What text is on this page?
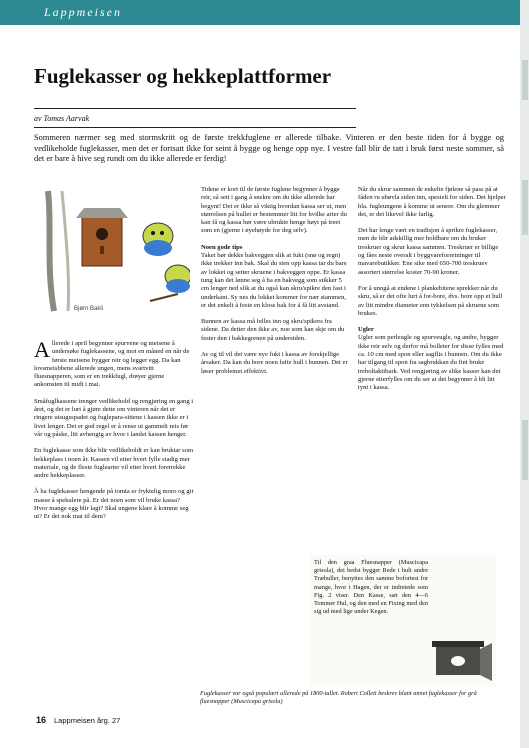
Lappmeisen
Fuglekasser og hekkeplattformer
av Tomas Aarvak
Sommeren nærmer seg med stormskritt og de første trekkfuglene er allerede tilbake. Vinteren er den beste tiden for å bygge og vedlikeholde fuglekasser, men det er fortsatt ikke for seint å bygge og henge opp nye. I vestre fall blir de tatt i bruk først neste sommer, så det er bare å hive seg rundt om du ikke allerede er ferdig!
Bjørn Bakli

Allerede i april begynner spurvene og meisene å undersøke fuglekassene, og mot en måned en når de første meisene bygger reir og legger egg. Da kan lovsmeisbbene allerede ungen, mens svartvitt fluesnapperen, som er en trekkfugl, drøyer gjerne ankomsten til midt i mai.

Småfuglkassene trenger vedlikehold og rengjøring en gang i året, og det er lurt å gjøre dette om vinteren når det er ringere utsugsspadet og fuglepara-sittene i kassen ikke er i livet lenger. Det er god regel er å rense ut gammelt reis før vår og påske, litt avhengig av hvor i landet kassen henger.

En fuglekasse som ikke blir vedlikeholdt er kan bruktar som hekkeplass i noen år. Kassen vil etter hvert fylle stadig mer materiale, og de fleste fuglearter vil etter hvert foretrekke andre hekkeplasser.

Å ha fuglekasser hengende på tomta er fryktelig moro og gir masse å spekulere på. Er det noen som vil bruke kassa? Hvor mange egg blir lagt? Skal ungene klare å komme seg ut? Er det nok mat til dem?

Tidene er kort til de første fuglene begynner å bygge reir, så sett i gang å snekre om du ikke allerede har begynt! Det er ikke så viktig hvordan kassa ser ut, men størrelsen på hullet er bestemmer litt for hvilke arter du kan få og kassa bør være ubrukte henge høyt på treet som en (gjerne i øyehøyde for deg selv).

Noen gode tips

Taket bør dekke bakveggen slik at fukt (snø og regn) ikke trekker inn bak. Skal du sten opp kassa tar du bare av lokket og setter skruene i bakveggen oppe. Er kassa tung kan det lønne seg å ha en bakvegg som stikker 5 cm lenger ned slik at du også kan skru/spikre den fast i underkant. Sy nes du lokket kommer for nær stammen, er det enkelt å feste en kloss bak for å få litt avstand.

Bunnen av kassa må felles inn og skru/spikres fra sidene. Da detter den ikke av, noe som kan skje om du fester den i bakkegrenen på undersiden.

Av og til vil det være nye fukt i kassa av forskjellige årsaker. Da kan du bore noen lufte hull i bunnen. Det er løser problemet effektivt.

Når du skrur sammen de enkelte fjølene så pass på at fåden ru ubøvla siden inn, spesielt for siden. Det hjelper bla. fugleungene å komme ut senere. Om du glemmer det, er det likevel ikke farlig.

Det har lenge vært en tradisjon å sprikre fuglekasser, men de blir adskillig mer holdbare om du bruker treskruer og skrur kassa sammen. Treskruer er billige og fåes neste overalt i byggvareforretninger til mavarebutikker. Ene sike med 650-700 treskruev assortert størrelse koster 70-90 kroner.

For å unngå at endene i plankebitene sprekker når du skru, så er det ofte lurt å for-bore, dvs. bore opp et hull av litt mindre diameter enn tykkelsen på skruene som brukes.

Ugler

Ugler som perleugle og spurveugle, og andre, bygger ikke reir selv og derfor må bolleter for disse fylles med ca. 10 cm med spon eller sagflis i bunnen. Om du ikke har tilgang til spon fra sagbrukkan du fint bruke treboltaktibark. Ved rengjøring av slike kasser kan det gjerne etterfylles om du ser at det begynner å bli litt tynt i kassa.

Til den graa Fluesnapper (Muscicapa grisola), det bedst bygger Rede i hult andre Træhuller, benyttes den samme bofortest for mange, hvor i Hagen, der er indretede som Fig. 2 viser. Den Kasse, sæt den 4—6 Tommer Hul, og den med en Fixing med den sig ud med lige under Kegen.
Fuglekasser var også populært allerede på 1800-tallet. Robert Collett beskrev blant annet fuglekasser for grå fluesnapper (Muscicapa grisola)
16 Lappmeisen årg. 27
